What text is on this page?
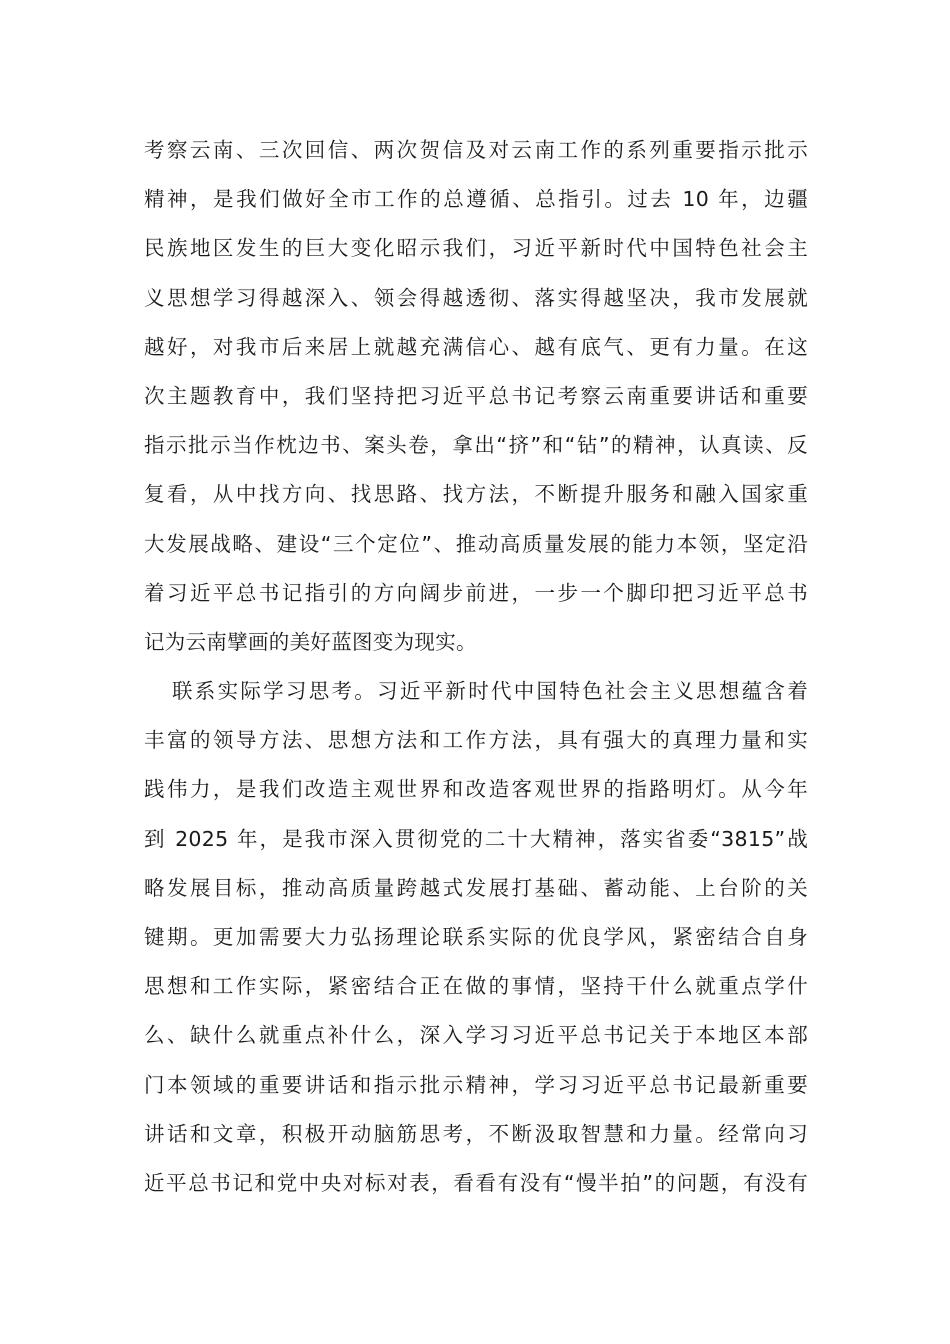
考察云南、三次回信、两次贺信及对云南工作的系列重要指示批示
精神，是我们做好全市工作的总遵循、总指引。过去 10 年，边疆
民族地区发生的巨大变化昭示我们，习近平新时代中国特色社会主
义思想学习得越深入、领会得越透彻、落实得越坚决，我市发展就
越好，对我市后来居上就越充满信心、越有底气、更有力量。在这
次主题教育中，我们坚持把习近平总书记考察云南重要讲话和重要
指示批示当作枕边书、案头卷，拿出“挤”和“钻”的精神，认真读、反
复看，从中找方向、找思路、找方法，不断提升服务和融入国家重
大发展战略、建设“三个定位”、推动高质量发展的能力本领，坚定沿
着习近平总书记指引的方向阔步前进，一步一个脚印把习近平总书
记为云南擘画的美好蓝图变为现实。
联系实际学习思考。习近平新时代中国特色社会主义思想蕴含着
丰富的领导方法、思想方法和工作方法，具有强大的真理力量和实
践伟力，是我们改造主观世界和改造客观世界的指路明灯。从今年
到 2025 年，是我市深入贯彻党的二十大精神，落实省委“3815”战
略发展目标，推动高质量跨越式发展打基础、蓄动能、上台阶的关
键期。更加需要大力弘扬理论联系实际的优良学风，紧密结合自身
思想和工作实际，紧密结合正在做的事情，坚持干什么就重点学什
么、缺什么就重点补什么，深入学习习近平总书记关于本地区本部
门本领域的重要讲话和指示批示精神，学习习近平总书记最新重要
讲话和文章，积极开动脑筋思考，不断汲取智慧和力量。经常向习
近平总书记和党中央对标对表，看看有没有“慢半拍”的问题，有没有
